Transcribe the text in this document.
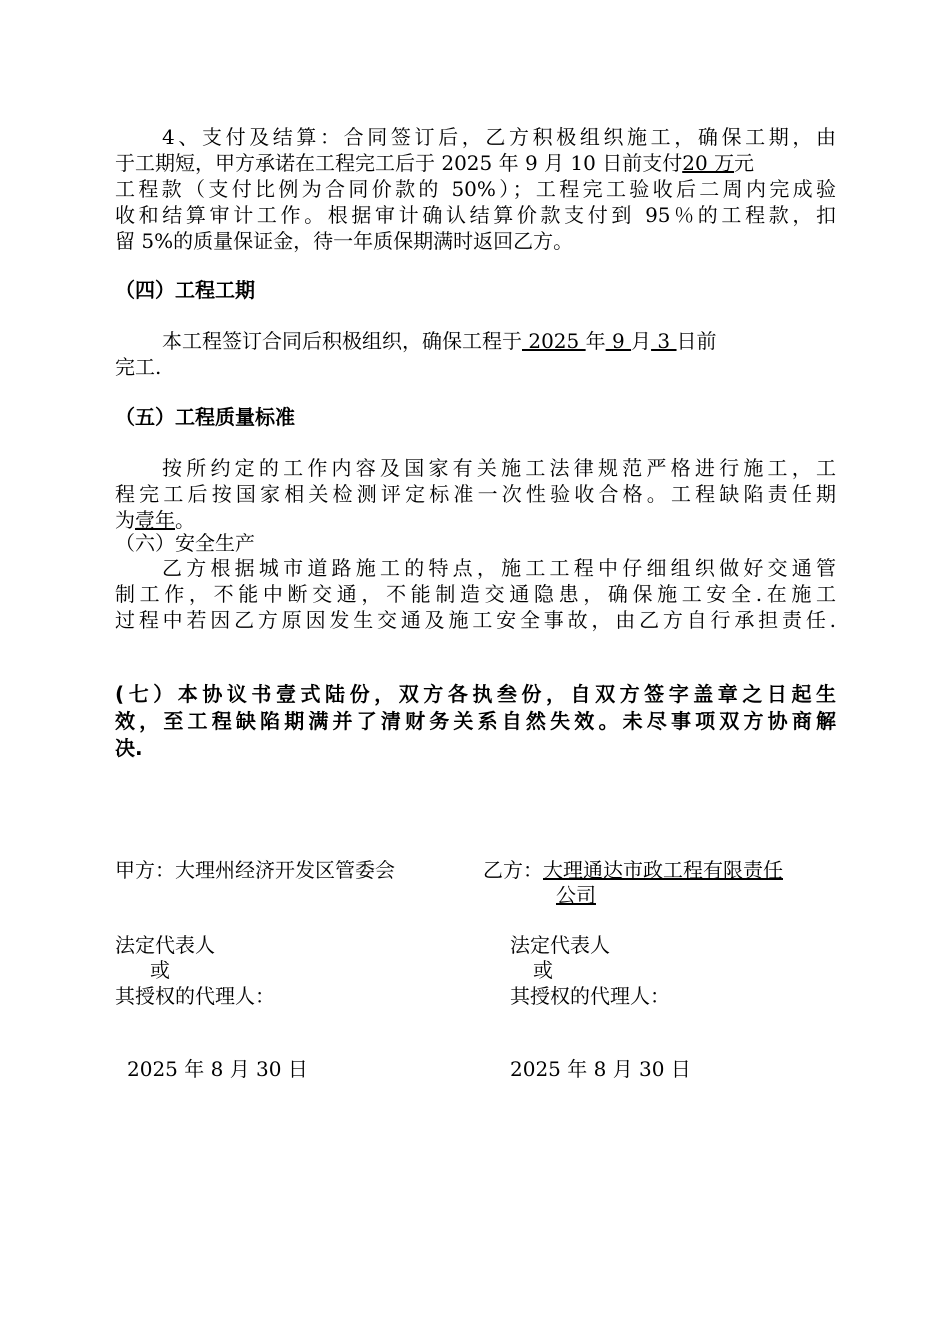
4、支付及结算：合同签订后，乙方积极组织施工，确保工期，由
于工期短，甲方承诺在工程完工后于 2025 年 9 月 10 日前支付20 万元
工程款（支付比例为合同价款的 50%）；工程完工验收后二周内完成验
收和结算审计工作。根据审计确认结算价款支付到 95％的工程款，扣
留 5%的质量保证金，待一年质保期满时返回乙方。
（四）工程工期
本工程签订合同后积极组织，确保工程于 2025 年 9 月 3 日前
完工.
（五）工程质量标准
按所约定的工作内容及国家有关施工法律规范严格进行施工，工
程完工后按国家相关检测评定标准一次性验收合格。工程缺陷责任期
为壹年。
（六）安全生产
乙方根据城市道路施工的特点，施工工程中仔细组织做好交通管
制工作，不能中断交通，不能制造交通隐患，确保施工安全.在施工
过程中若因乙方原因发生交通及施工安全事故，由乙方自行承担责任.
(七）本协议书壹式陆份，双方各执叁份，自双方签字盖章之日起生
效，至工程缺陷期满并了清财务关系自然失效。未尽事项双方协商解
决.
甲方：大理州经济开发区管委会
法定代表人
或
其授权的代理人：
2025 年 8 月 30 日
乙方：大理通达市政工程有限责任
公司
法定代表人
或
其授权的代理人：
2025 年 8 月 30 日
